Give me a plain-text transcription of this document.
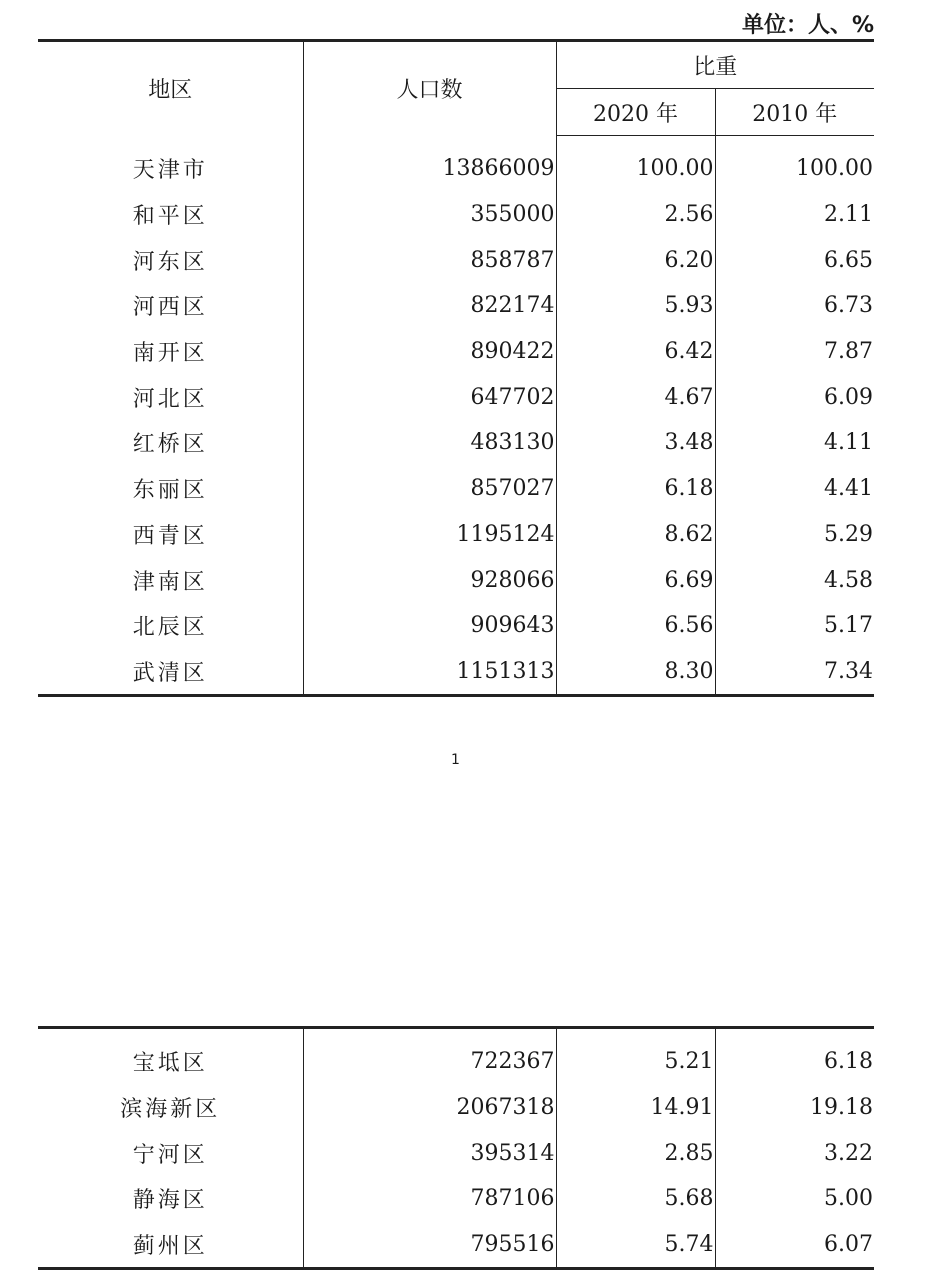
单位：人、%
地区	人口数	比重	
		2020 年	2010 年
天津市	13866009	100.00	100.00
和平区	355000	2.56	2.11
河东区	858787	6.20	6.65
河西区	822174	5.93	6.73
南开区	890422	6.42	7.87
河北区	647702	4.67	6.09
红桥区	483130	3.48	4.11
东丽区	857027	6.18	4.41
西青区	1195124	8.62	5.29
津南区	928066	6.69	4.58
北辰区	909643	6.56	5.17
武清区	1151313	8.30	7.34
1
宝坻区	722367	5.21	6.18
滨海新区	2067318	14.91	19.18
宁河区	395314	2.85	3.22
静海区	787106	5.68	5.00
蓟州区	795516	5.74	6.07
